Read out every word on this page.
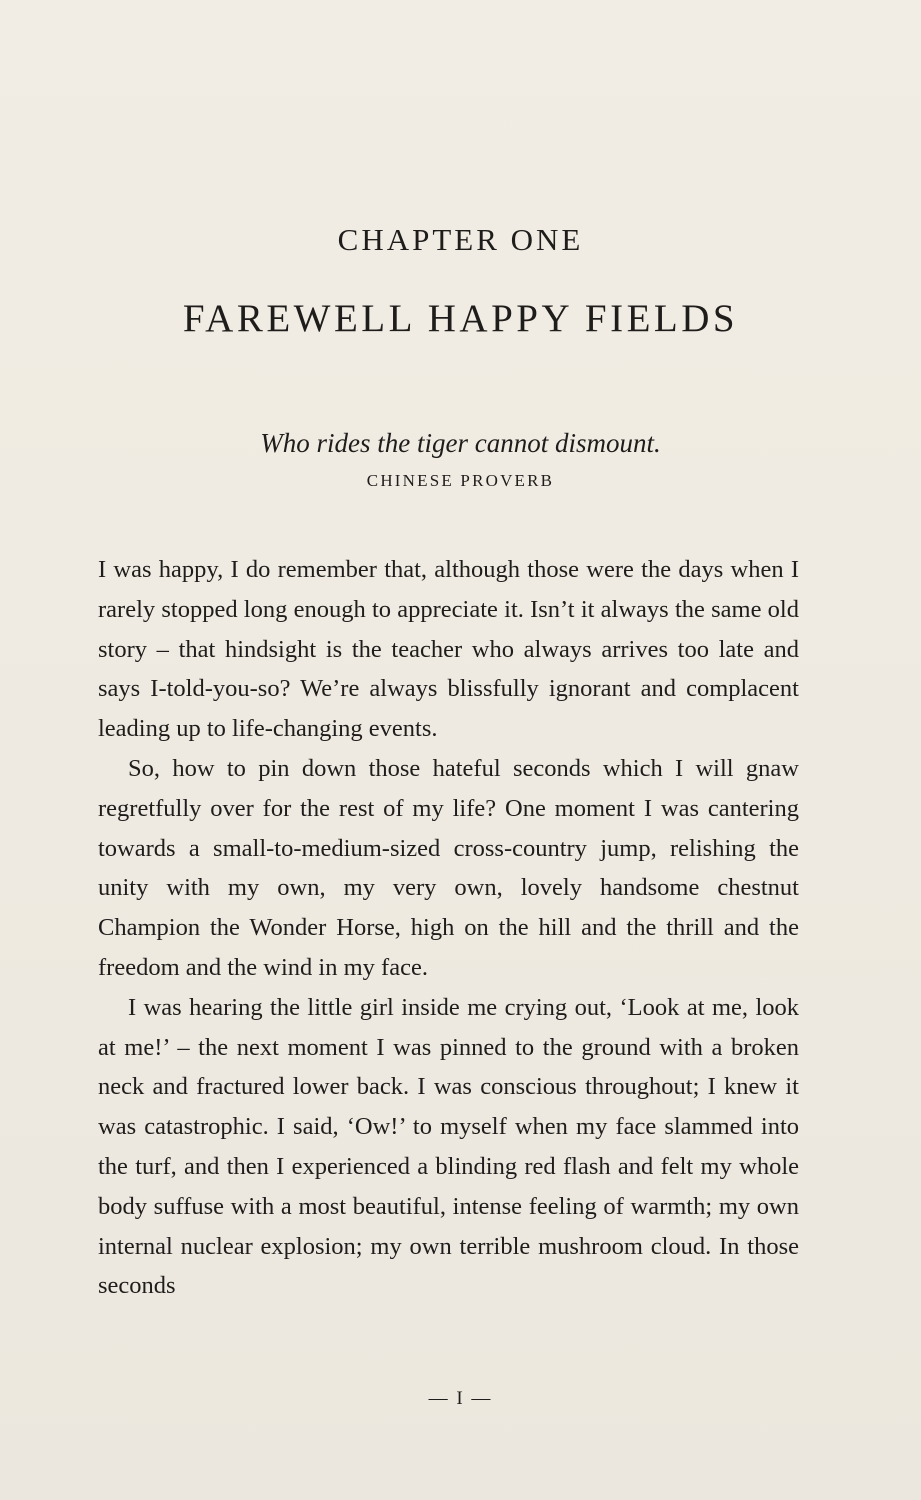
CHAPTER ONE
FAREWELL HAPPY FIELDS

Who rides the tiger cannot dismount.

CHINESE PROVERB

I was happy, I do remember that, although those were the days when I rarely stopped long enough to appreciate it. Isn’t it always the same old story – that hindsight is the teacher who always arrives too late and says I-told-you-so? We’re always blissfully ignorant and complacent leading up to life-changing events.

So, how to pin down those hateful seconds which I will gnaw regretfully over for the rest of my life? One moment I was cantering towards a small-to-medium-sized cross-country jump, relishing the unity with my own, my very own, lovely handsome chestnut Champion the Wonder Horse, high on the hill and the thrill and the freedom and the wind in my face.

I was hearing the little girl inside me crying out, ‘Look at me, look at me!’ – the next moment I was pinned to the ground with a broken neck and fractured lower back. I was conscious throughout; I knew it was catastrophic. I said, ‘Ow!’ to myself when my face slammed into the turf, and then I experienced a blinding red flash and felt my whole body suffuse with a most beautiful, intense feeling of warmth; my own internal nuclear explosion; my own terrible mushroom cloud. In those seconds

— I —
